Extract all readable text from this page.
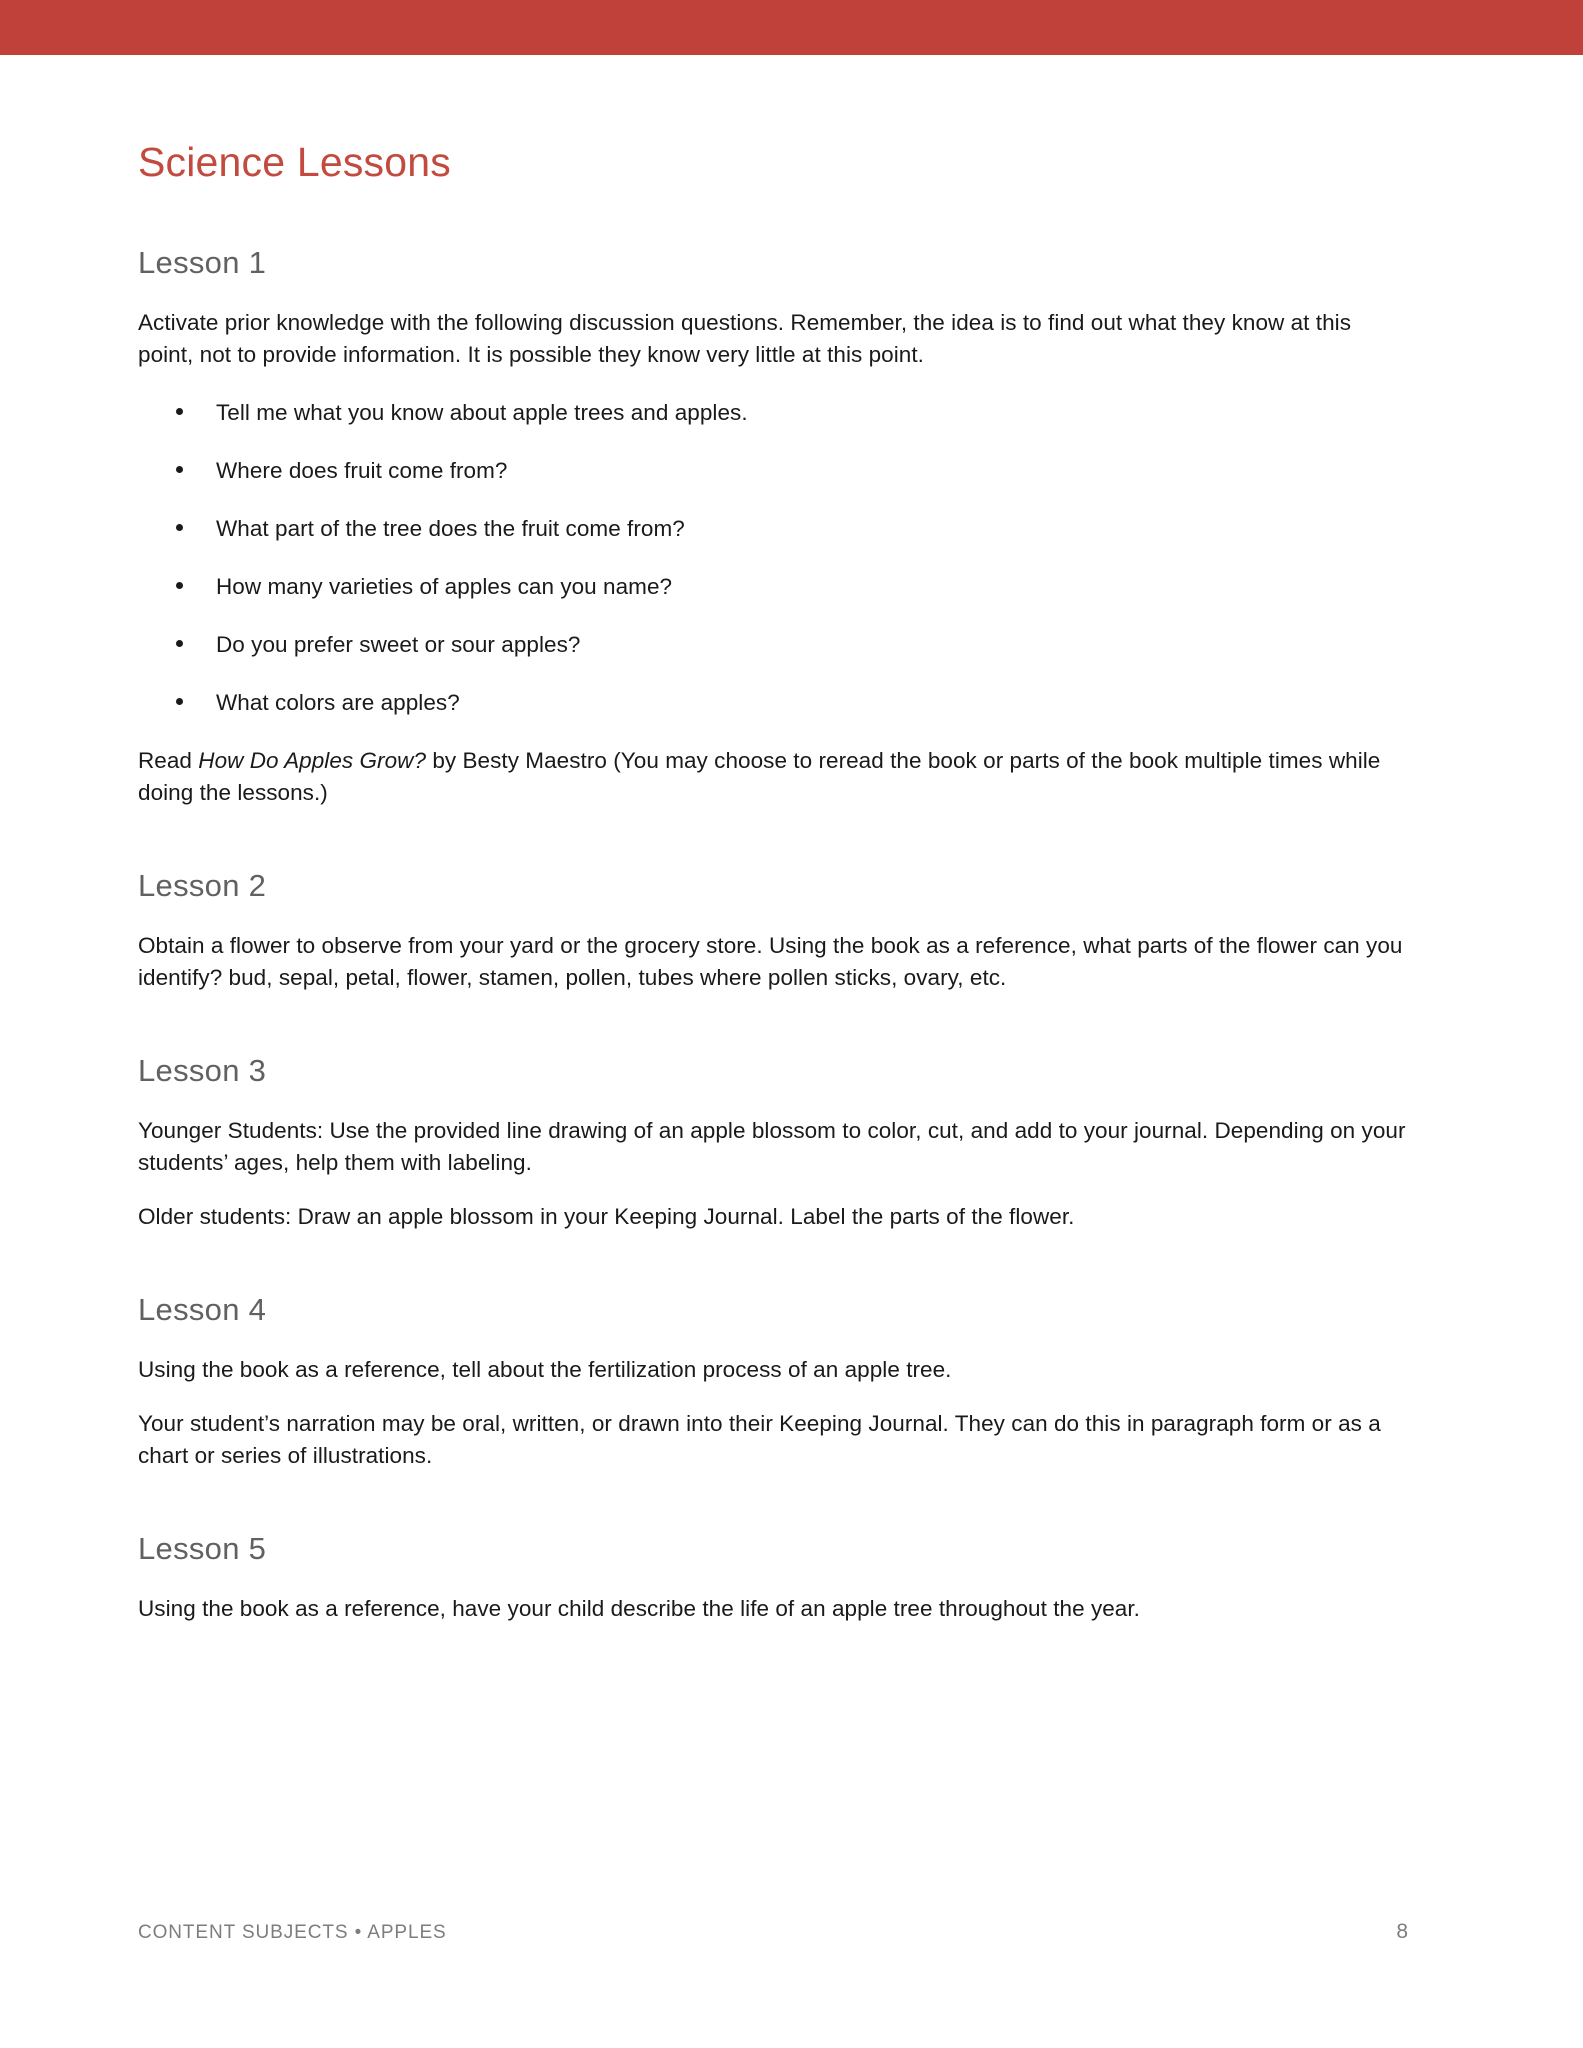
Science Lessons
Lesson 1

Activate prior knowledge with the following discussion questions. Remember, the idea is to find out what they know at this point, not to provide information. It is possible they know very little at this point.

Tell me what you know about apple trees and apples.
Where does fruit come from?
What part of the tree does the fruit come from?
How many varieties of apples can you name?
Do you prefer sweet or sour apples?
What colors are apples?

Read How Do Apples Grow? by Besty Maestro (You may choose to reread the book or parts of the book multiple times while doing the lessons.)

Lesson 2

Obtain a flower to observe from your yard or the grocery store. Using the book as a reference, what parts of the flower can you identify? bud, sepal, petal, flower, stamen, pollen, tubes where pollen sticks, ovary, etc.

Lesson 3

Younger Students: Use the provided line drawing of an apple blossom to color, cut, and add to your journal. Depending on your students’ ages, help them with labeling.

Older students: Draw an apple blossom in your Keeping Journal. Label the parts of the flower.

Lesson 4

Using the book as a reference, tell about the fertilization process of an apple tree.

Your student’s narration may be oral, written, or drawn into their Keeping Journal. They can do this in paragraph form or as a chart or series of illustrations.

Lesson 5

Using the book as a reference, have your child describe the life of an apple tree throughout the year.

CONTENT SUBJECTS • APPLES	8
